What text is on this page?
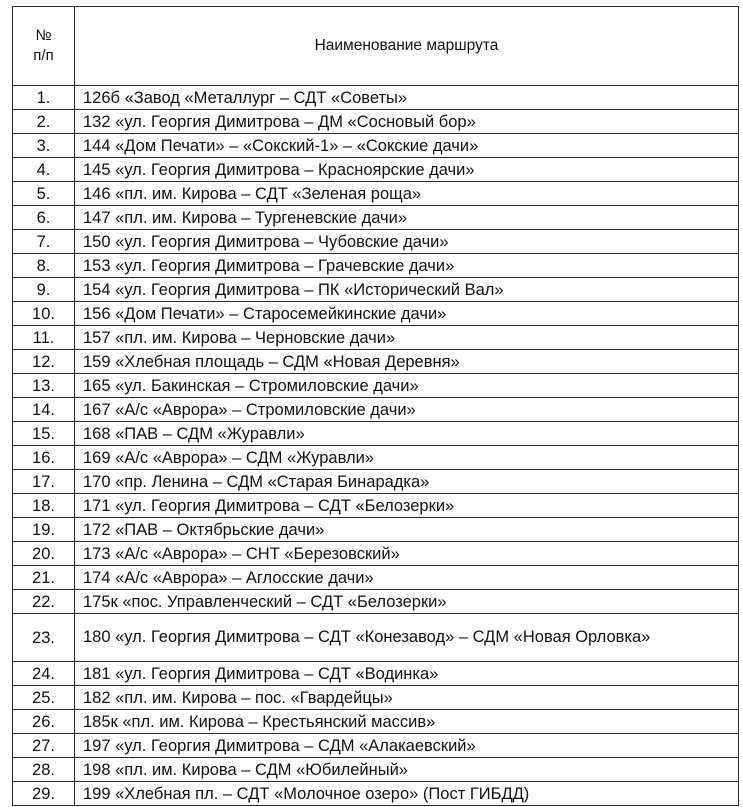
№
п/п	Наименование маршрута
1.	126б «Завод «Металлург – СДТ «Советы»
2.	132 «ул. Георгия Димитрова – ДМ «Сосновый бор»
3.	144 «Дом Печати» – «Сокский-1» – «Сокские дачи»
4.	145 «ул. Георгия Димитрова – Красноярские дачи»
5.	146 «пл. им. Кирова – СДТ «Зеленая роща»
6.	147 «пл. им. Кирова – Тургеневские дачи»
7.	150 «ул. Георгия Димитрова – Чубовские дачи»
8.	153 «ул. Георгия Димитрова – Грачевские дачи»
9.	154 «ул. Георгия Димитрова – ПК «Исторический Вал»
10.	156 «Дом Печати» – Старосемейкинские дачи»
11.	157 «пл. им. Кирова – Черновские дачи»
12.	159 «Хлебная площадь – СДМ «Новая Деревня»
13.	165 «ул. Бакинская – Стромиловские дачи»
14.	167 «А/с «Аврора» – Стромиловские дачи»
15.	168 «ПАВ – СДМ «Журавли»
16.	169 «А/с «Аврора» – СДМ «Журавли»
17.	170 «пр. Ленина – СДМ «Старая Бинарадка»
18.	171 «ул. Георгия Димитрова – СДТ «Белозерки»
19.	172 «ПАВ – Октябрьские дачи»
20.	173 «А/с «Аврора» – СНТ «Березовский»
21.	174 «А/с «Аврора» – Аглосские дачи»
22.	175к «пос. Управленческий – СДТ «Белозерки»
23.	180 «ул. Георгия Димитрова – СДТ «Конезавод» – СДМ «Новая Орловка»
24.	181 «ул. Георгия Димитрова – СДТ «Водинка»
25.	182 «пл. им. Кирова – пос. «Гвардейцы»
26.	185к «пл. им. Кирова – Крестьянский массив»
27.	197 «ул. Георгия Димитрова – СДМ «Алакаевский»
28.	198 «пл. им. Кирова – СДМ «Юбилейный»
29.	199 «Хлебная пл. – СДТ «Молочное озеро» (Пост ГИБДД)
